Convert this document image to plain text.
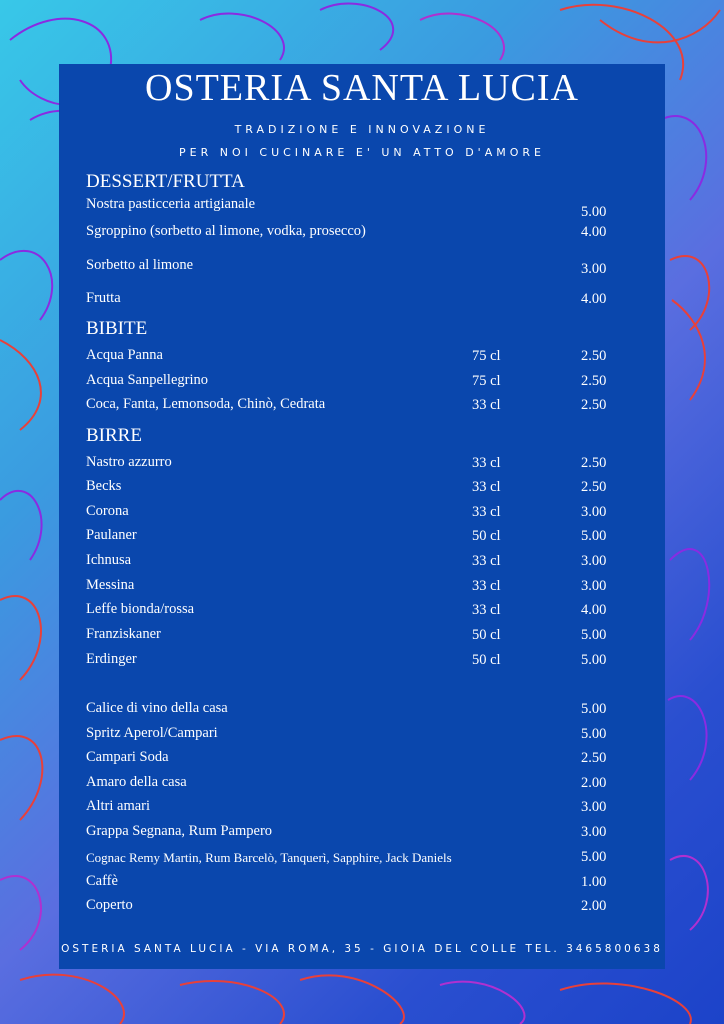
OSTERIA SANTA LUCIA
TRADIZIONE E INNOVAZIONE
PER NOI CUCINARE E' UN ATTO D'AMORE
DESSERT/FRUTTA
Nostra pasticceria artigianale	5.00
Sgroppino (sorbetto al limone, vodka, prosecco)	4.00
Sorbetto al limone	3.00
Frutta	4.00
BIBITE
Acqua Panna	75 cl	2.50
Acqua Sanpellegrino	75 cl	2.50
Coca, Fanta, Lemonsoda, Chinò, Cedrata	33 cl	2.50
BIRRE
Nastro azzurro	33 cl	2.50
Becks	33 cl	2.50
Corona	33 cl	3.00
Paulaner	50 cl	5.00
Ichnusa	33 cl	3.00
Messina	33 cl	3.00
Leffe bionda/rossa	33 cl	4.00
Franziskaner	50 cl	5.00
Erdinger	50 cl	5.00
Calice di vino della casa	5.00
Spritz Aperol/Campari	5.00
Campari Soda	2.50
Amaro della casa	2.00
Altri amari	3.00
Grappa Segnana, Rum Pampero	3.00
Cognac Remy Martin, Rum Barcelò, Tanquerì, Sapphire, Jack Daniels	5.00
Caffè	1.00
Coperto	2.00
OSTERIA SANTA LUCIA - VIA ROMA, 35 - GIOIA DEL COLLE TEL. 3465800638
